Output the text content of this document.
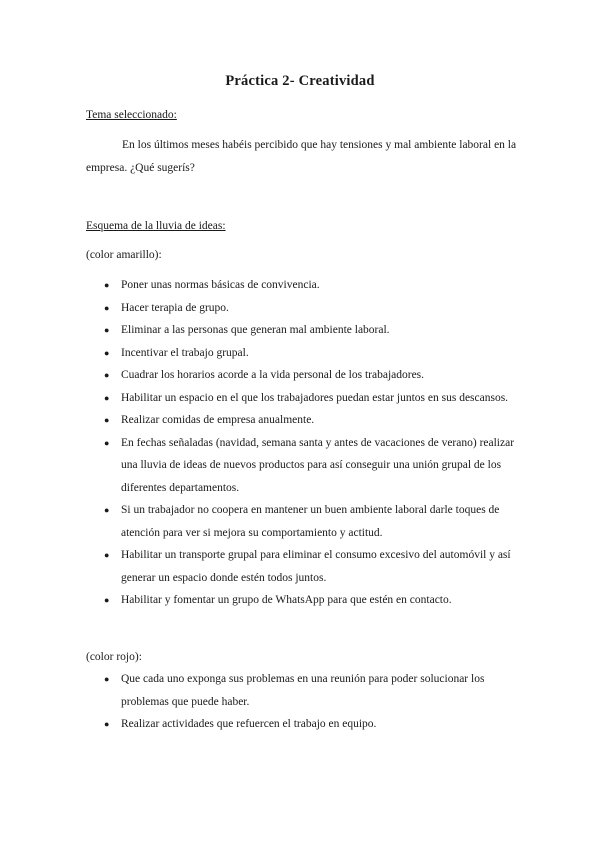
Práctica 2- Creatividad
Tema seleccionado:
En los últimos meses habéis percibido que hay tensiones y mal ambiente laboral en la empresa. ¿Qué sugerís?
Esquema de la lluvia de ideas:
(color amarillo):
● Poner unas normas básicas de convivencia.
● Hacer terapia de grupo.
● Eliminar a las personas que generan mal ambiente laboral.
● Incentivar el trabajo grupal.
● Cuadrar los horarios acorde a la vida personal de los trabajadores.
● Habilitar un espacio en el que los trabajadores puedan estar juntos en sus descansos.
● Realizar comidas de empresa anualmente.
● En fechas señaladas (navidad, semana santa y antes de vacaciones de verano) realizar una lluvia de ideas de nuevos productos para así conseguir una unión grupal de los diferentes departamentos.
● Si un trabajador no coopera en mantener un buen ambiente laboral darle toques de atención para ver si mejora su comportamiento y actitud.
● Habilitar un transporte grupal para eliminar el consumo excesivo del automóvil y así generar un espacio donde estén todos juntos.
● Habilitar y fomentar un grupo de WhatsApp para que estén en contacto.
(color rojo):
● Que cada uno exponga sus problemas en una reunión para poder solucionar los problemas que puede haber.
● Realizar actividades que refuercen el trabajo en equipo.
